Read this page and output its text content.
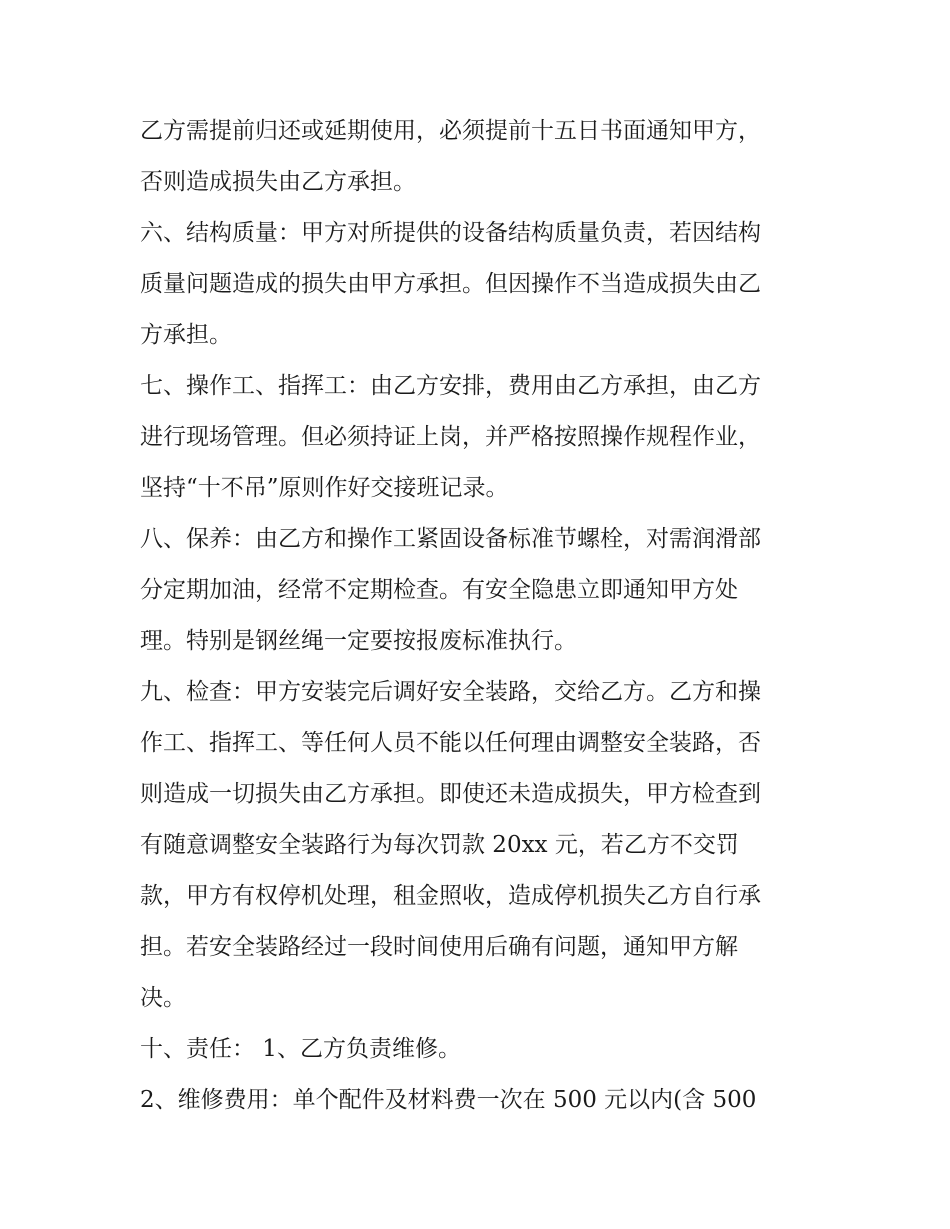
乙方需提前归还或延期使用，必须提前十五日书面通知甲方，
否则造成损失由乙方承担。
六、结构质量：甲方对所提供的设备结构质量负责，若因结构
质量问题造成的损失由甲方承担。但因操作不当造成损失由乙
方承担。
七、操作工、指挥工：由乙方安排，费用由乙方承担，由乙方
进行现场管理。但必须持证上岗，并严格按照操作规程作业，
坚持“十不吊”原则作好交接班记录。
八、保养：由乙方和操作工紧固设备标准节螺栓，对需润滑部
分定期加油，经常不定期检查。有安全隐患立即通知甲方处
理。特别是钢丝绳一定要按报废标准执行。
九、检查：甲方安装完后调好安全装路，交给乙方。乙方和操
作工、指挥工、等任何人员不能以任何理由调整安全装路，否
则造成一切损失由乙方承担。即使还未造成损失，甲方检查到
有随意调整安全装路行为每次罚款 20xx 元，若乙方不交罚
款，甲方有权停机处理，租金照收，造成停机损失乙方自行承
担。若安全装路经过一段时间使用后确有问题，通知甲方解
决。
十、责任： 1、乙方负责维修。
2、维修费用：单个配件及材料费一次在 500 元以内(含 500
